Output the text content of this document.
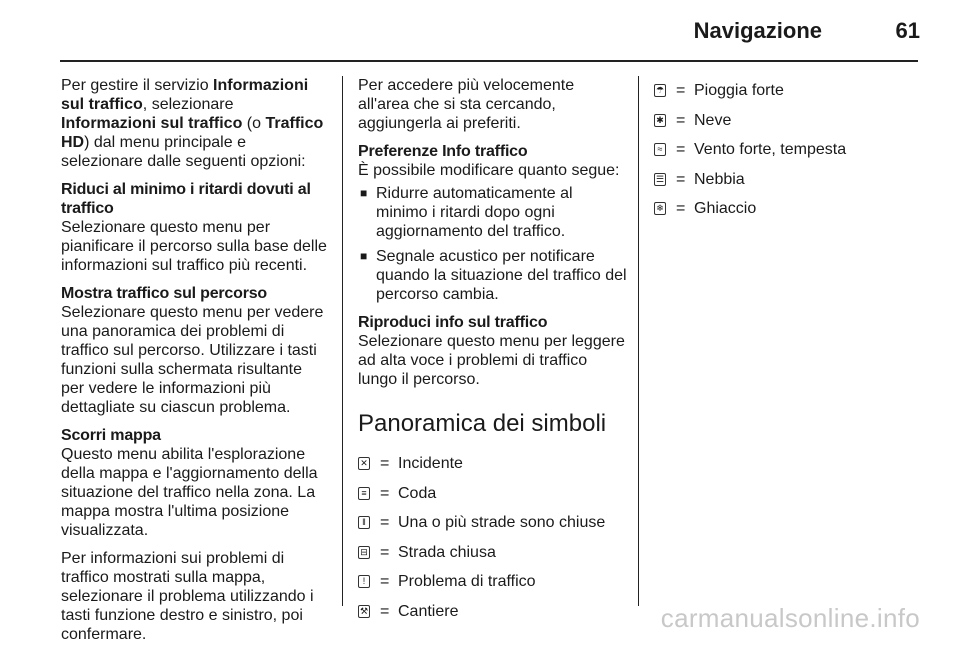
Navigazione	61

Per gestire il servizio Informazioni sul traffico, selezionare Informazioni sul traffico (o Traffico HD) dal menu principale e selezionare dalle seguenti opzioni:

Riduci al minimo i ritardi dovuti al traffico
Selezionare questo menu per pianificare il percorso sulla base delle informazioni sul traffico più recenti.
Mostra traffico sul percorso
Selezionare questo menu per vedere una panoramica dei problemi di traffico sul percorso. Utilizzare i tasti funzioni sulla schermata risultante per vedere le informazioni più dettagliate su ciascun problema.
Scorri mappa
Questo menu abilita l'esplorazione della mappa e l'aggiornamento della situazione del traffico nella zona. La mappa mostra l'ultima posizione visualizzata.

Per informazioni sui problemi di traffico mostrati sulla mappa, selezionare il problema utilizzando i tasti funzione destro e sinistro, poi confermare.

Per accedere più velocemente all'area che si sta cercando, aggiungerla ai preferiti.

Preferenze Info traffico
È possibile modificare quanto segue:
■ Ridurre automaticamente al minimo i ritardi dopo ogni aggiornamento del traffico.
■ Segnale acustico per notificare quando la situazione del traffico del percorso cambia.
Riproduci info sul traffico
Selezionare questo menu per leggere ad alta voce i problemi di traffico lungo il percorso.
Panoramica dei simboli
✕ = Incidente
≡ = Coda
‖ = Una o più strade sono chiuse
⊟ = Strada chiusa
! = Problema di traffico
⚒ = Cantiere
☂ = Pioggia forte
✱ = Neve
≈ = Vento forte, tempesta
☰ = Nebbia
❄ = Ghiaccio
carmanualsonline.info
